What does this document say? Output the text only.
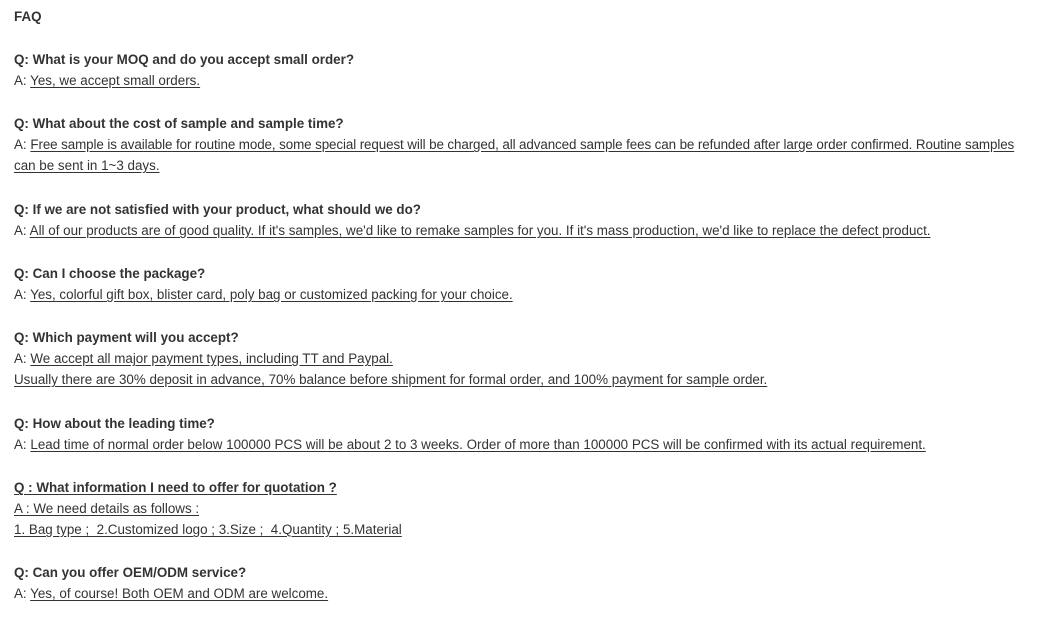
FAQ
Q: What is your MOQ and do you accept small order?
A: Yes, we accept small orders.
Q: What about the cost of sample and sample time?
A: Free sample is available for routine mode, some special request will be charged, all advanced sample fees can be refunded after large order confirmed. Routine samples
can be sent in 1~3 days.
Q: If we are not satisfied with your product, what should we do?
A: All of our products are of good quality. If it's samples, we'd like to remake samples for you. If it's mass production, we'd like to replace the defect product.
Q: Can I choose the package?
A: Yes, colorful gift box, blister card, poly bag or customized packing for your choice.
Q: Which payment will you accept?
A: We accept all major payment types, including TT and Paypal.
Usually there are 30% deposit in advance, 70% balance before shipment for formal order, and 100% payment for sample order.
Q: How about the leading time?
A: Lead time of normal order below 100000 PCS will be about 2 to 3 weeks. Order of more than 100000 PCS will be confirmed with its actual requirement.
Q : What information I need to offer for quotation ?
A : We need details as follows :
1. Bag type ;  2.Customized logo ; 3.Size ;  4.Quantity ; 5.Material
Q: Can you offer OEM/ODM service?
A: Yes, of course! Both OEM and ODM are welcome.
